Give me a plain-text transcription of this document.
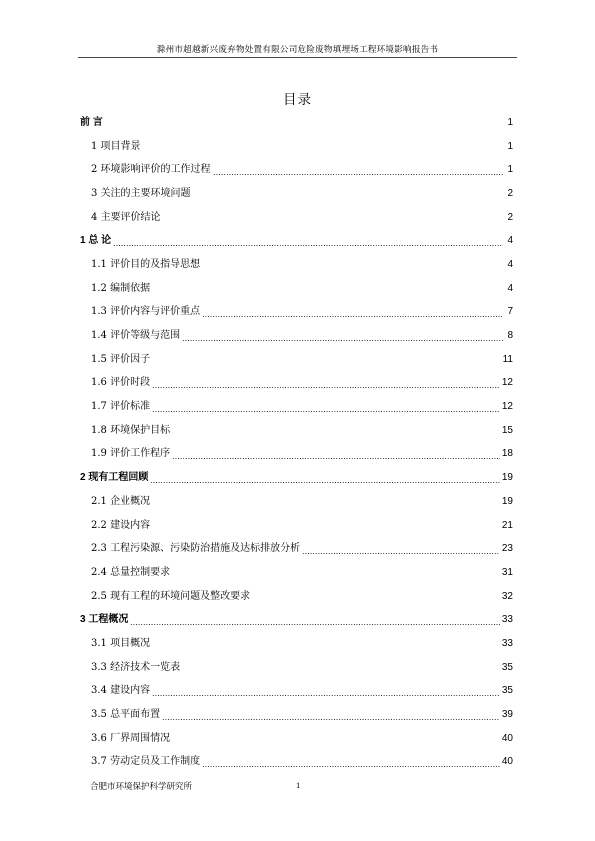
滁州市超越新兴废弃物处置有限公司危险废物填埋场工程环境影响报告书
目录
前 言	1
1 项目背景	1
2 环境影响评价的工作过程	1
3 关注的主要环境问题	2
4 主要评价结论	2
1 总 论	4
1.1 评价目的及指导思想	4
1.2 编制依据	4
1.3 评价内容与评价重点	7
1.4 评价等级与范围	8
1.5 评价因子	11
1.6 评价时段	12
1.7 评价标准	12
1.8 环境保护目标	15
1.9 评价工作程序	18
2 现有工程回顾	19
2.1 企业概况	19
2.2 建设内容	21
2.3 工程污染源、污染防治措施及达标排放分析	23
2.4 总量控制要求	31
2.5 现有工程的环境问题及整改要求	32
3 工程概况	33
3.1 项目概况	33
3.3 经济技术一览表	35
3.4 建设内容	35
3.5 总平面布置	39
3.6 厂界周围情况	40
3.7 劳动定员及工作制度	40
合肥市环境保护科学研究所	1
